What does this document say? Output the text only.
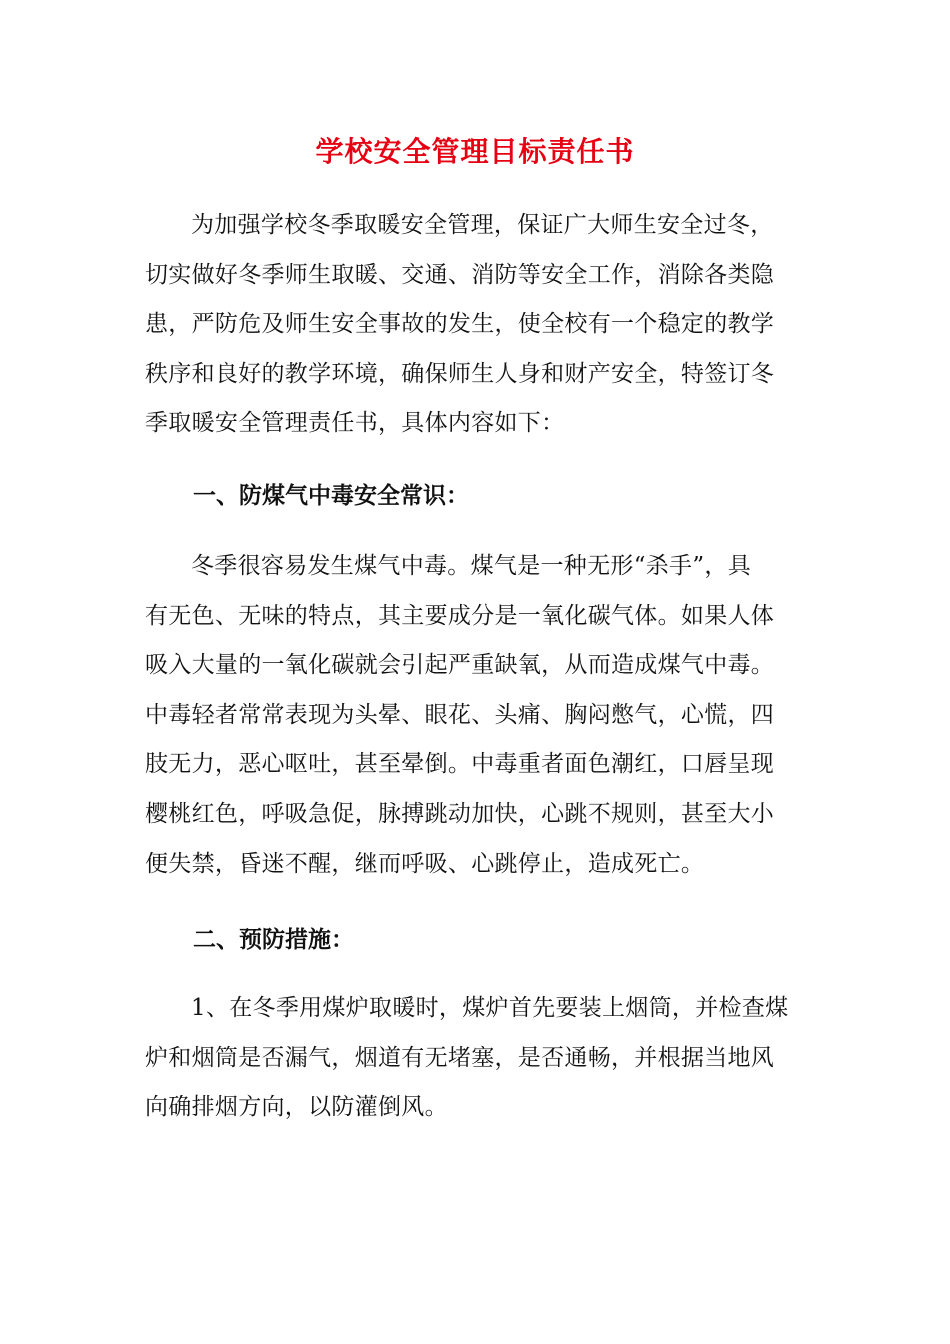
学校安全管理目标责任书

为加强学校冬季取暖安全管理，保证广大师生安全过冬，
切实做好冬季师生取暖、交通、消防等安全工作，消除各类隐
患，严防危及师生安全事故的发生，使全校有一个稳定的教学
秩序和良好的教学环境，确保师生人身和财产安全，特签订冬
季取暖安全管理责任书，具体内容如下：

一、防煤气中毒安全常识：

冬季很容易发生煤气中毒。煤气是一种无形“杀手”，具
有无色、无味的特点，其主要成分是一氧化碳气体。如果人体
吸入大量的一氧化碳就会引起严重缺氧，从而造成煤气中毒。
中毒轻者常常表现为头晕、眼花、头痛、胸闷憋气，心慌，四
肢无力，恶心呕吐，甚至晕倒。中毒重者面色潮红，口唇呈现
樱桃红色，呼吸急促，脉搏跳动加快，心跳不规则，甚至大小
便失禁，昏迷不醒，继而呼吸、心跳停止，造成死亡。

二、预防措施：

1、在冬季用煤炉取暖时，煤炉首先要装上烟筒，并检查煤
炉和烟筒是否漏气，烟道有无堵塞，是否通畅，并根据当地风
向确排烟方向，以防灌倒风。
